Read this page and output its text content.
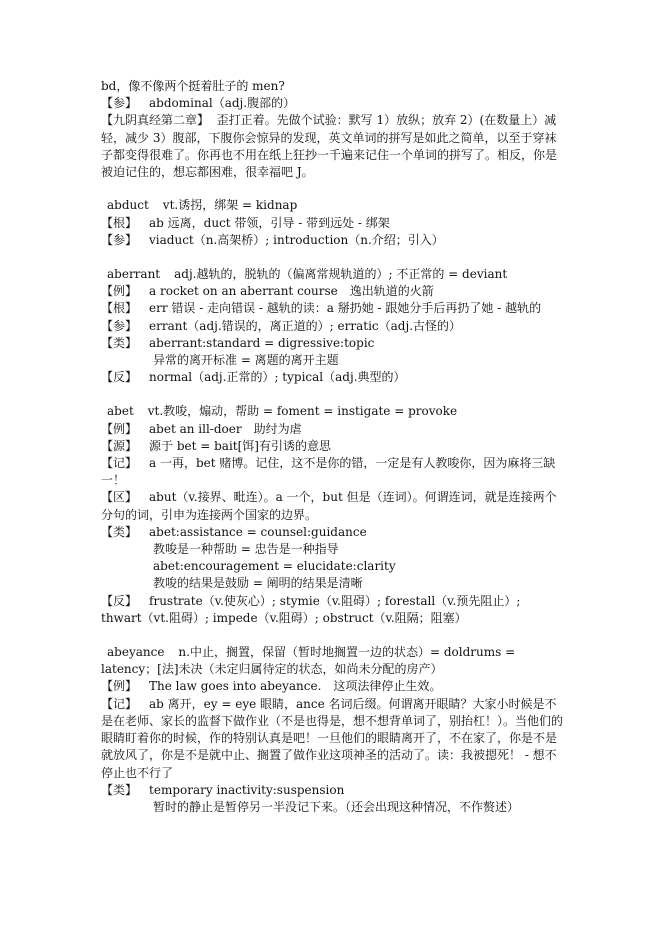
bd，像不像两个挺着肚子的 men?
【参】 abdominal（adj.腹部的）
【九阴真经第二章】 歪打正着。先做个试验：默写 1）放纵；放弃 2）(在数量上）减轻，减少 3）腹部，下腹你会惊异的发现，英文单词的拼写是如此之简单，以至于穿袜子都变得很难了。你再也不用在纸上狂抄一千遍来记住一个单词的拼写了。相反，你是被迫记住的，想忘都困难，很幸福吧 J。
abduct vt.诱拐，绑架 = kidnap
【根】 ab 远离，duct 带领，引导 - 带到远处 - 绑架
【参】 viaduct（n.高架桥）; introduction（n.介绍；引入）
aberrant adj.越轨的，脱轨的（偏离常规轨道的）; 不正常的 = deviant
【例】 a rocket on an aberrant course　逸出轨道的火箭
【根】 err 错误 - 走向错误 - 越轨的读：a 掰扔她 - 跟她分手后再扔了她 - 越轨的
【参】 errant（adj.错误的，离正道的）; erratic（adj.古怪的）
【类】 aberrant:standard = digressive:topic
异常的离开标准 = 离题的离开主题
【反】 normal（adj.正常的）; typical（adj.典型的）
abet vt.教唆，煽动，帮助 = foment = instigate = provoke
【例】 abet an ill-doer　助纣为虐
【源】 源于 bet = bait[饵]有引诱的意思
【记】 a 一再，bet 赌博。记住，这不是你的错，一定是有人教唆你，因为麻将三缺一！
【区】 abut（v.接界、毗连）。a 一个，but 但是（连词）。何谓连词，就是连接两个分句的词，引申为连接两个国家的边界。
【类】 abet:assistance = counsel:guidance
教唆是一种帮助 = 忠告是一种指导
abet:encouragement = elucidate:clarity
教唆的结果是鼓励 = 阐明的结果是清晰
【反】 frustrate（v.使灰心）; stymie（v.阻碍）; forestall（v.预先阻止）; thwart（vt.阻碍）; impede（v.阻碍）; obstruct（v.阻隔；阻塞）
abeyance n.中止，搁置，保留（暂时地搁置一边的状态）= doldrums = latency；[法]未决（未定归属待定的状态，如尚未分配的房产）
【例】 The law goes into abeyance.　这项法律停止生效。
【记】 ab 离开，ey = eye 眼睛，ance 名词后缀。何谓离开眼睛？大家小时候是不是在老师、家长的监督下做作业（不是也得是，想不想背单词了，别抬杠！）。当他们的眼睛盯着你的时候，作的特别认真是吧！一旦他们的眼睛离开了，不在家了，你是不是就放风了，你是不是就中止、搁置了做作业这项神圣的活动了。读：我被摁死！ - 想不停止也不行了
【类】 temporary inactivity:suspension
暂时的静止是暂停另一半没记下来。（还会出现这种情况，不作赘述）
